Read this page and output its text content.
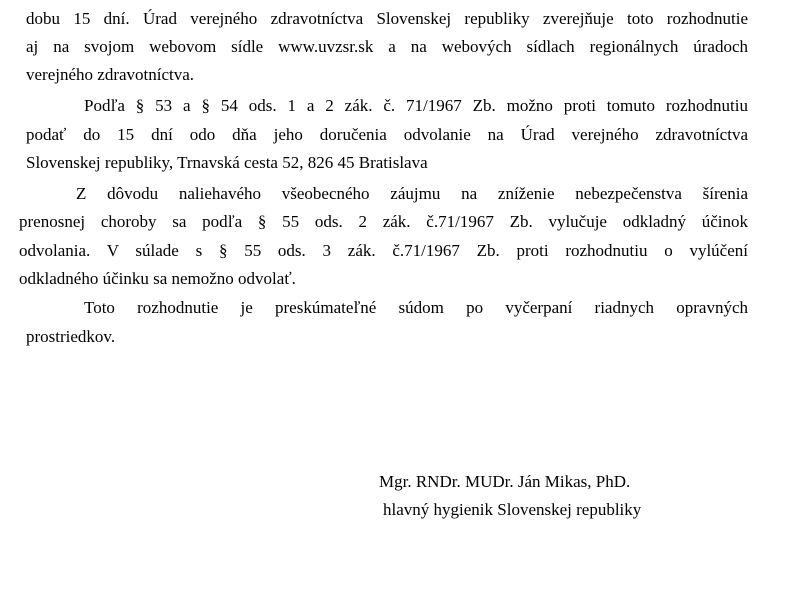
dobu 15 dní. Úrad verejného zdravotníctva Slovenskej republiky zverejňuje toto rozhodnutie
aj na svojom webovom sídle www.uvzsr.sk a na webových sídlach regionálnych úradoch
verejného zdravotníctva.
Podľa § 53 a § 54 ods. 1 a 2 zák. č. 71/1967 Zb. možno proti tomuto rozhodnutiu
podať do 15 dní odo dňa jeho doručenia odvolanie na Úrad verejného zdravotníctva
Slovenskej republiky, Trnavská cesta 52, 826 45 Bratislava
Z dôvodu naliehavého všeobecného záujmu na zníženie nebezpečenstva šírenia
prenosnej choroby sa podľa § 55 ods. 2 zák. č.71/1967 Zb. vylučuje odkladný účinok
odvolania. V súlade s § 55 ods. 3 zák. č.71/1967 Zb. proti rozhodnutiu o vylúčení
odkladného účinku sa nemožno odvolať.
Toto rozhodnutie je preskúmateľné súdom po vyčerpaní riadnych opravných
prostriedkov.
Mgr. RNDr. MUDr. Ján Mikas, PhD.
hlavný hygienik Slovenskej republiky
